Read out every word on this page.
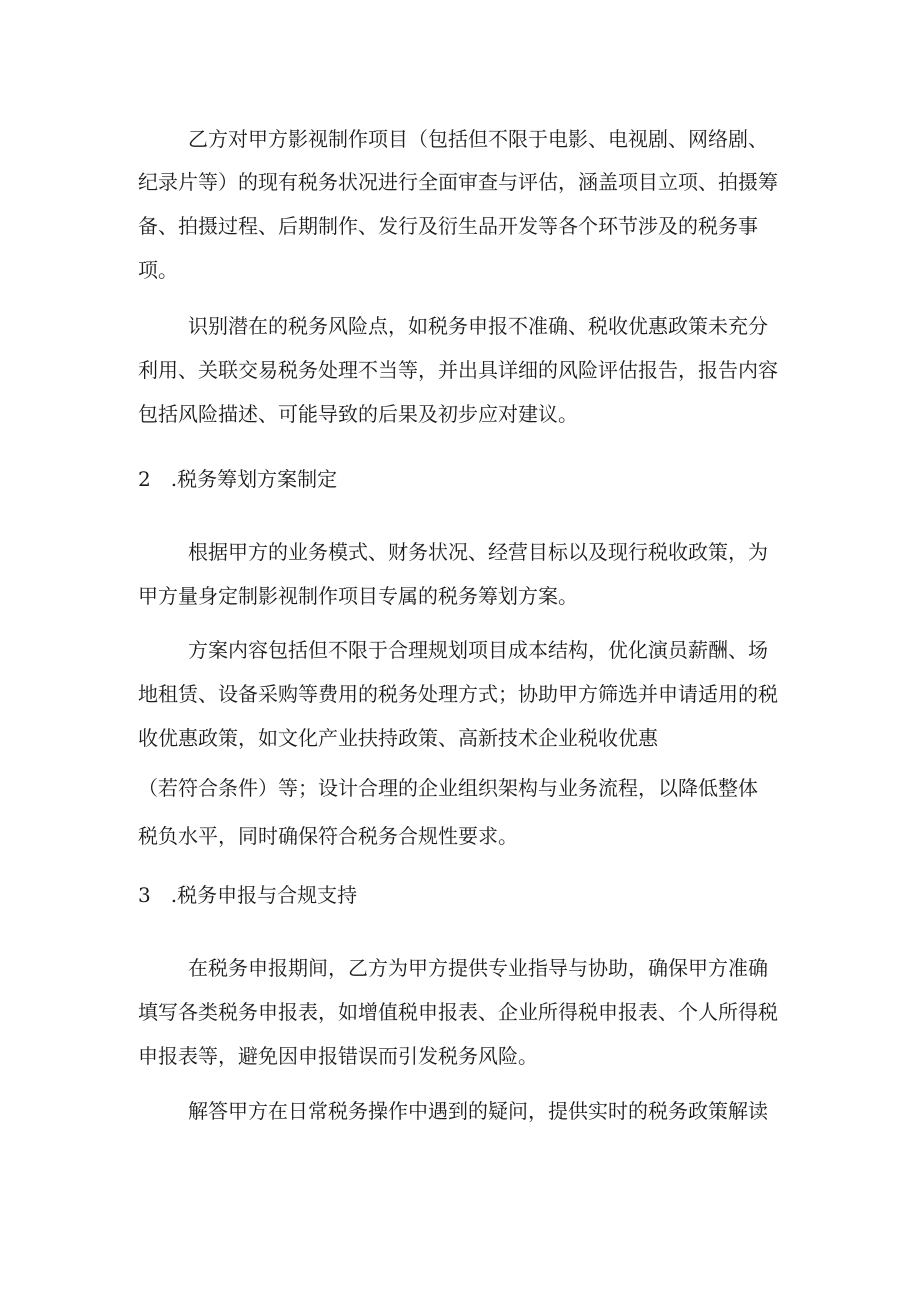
乙方对甲方影视制作项目（包括但不限于电影、电视剧、网络剧、

纪录片等）的现有税务状况进行全面审查与评估，涵盖项目立项、拍摄筹

备、拍摄过程、后期制作、发行及衍生品开发等各个环节涉及的税务事

项。

识别潜在的税务风险点，如税务申报不准确、税收优惠政策未充分

利用、关联交易税务处理不当等，并出具详细的风险评估报告，报告内容

包括风险描述、可能导致的后果及初步应对建议。

2　.税务筹划方案制定

根据甲方的业务模式、财务状况、经营目标以及现行税收政策，为

甲方量身定制影视制作项目专属的税务筹划方案。

方案内容包括但不限于合理规划项目成本结构，优化演员薪酬、场

地租赁、设备采购等费用的税务处理方式；协助甲方筛选并申请适用的税

收优惠政策，如文化产业扶持政策、高新技术企业税收优惠

（若符合条件）等；设计合理的企业组织架构与业务流程，以降低整体

税负水平，同时确保符合税务合规性要求。

3　.税务申报与合规支持

在税务申报期间，乙方为甲方提供专业指导与协助，确保甲方准确

填写各类税务申报表，如增值税申报表、企业所得税申报表、个人所得税

申报表等，避免因申报错误而引发税务风险。

解答甲方在日常税务操作中遇到的疑问，提供实时的税务政策解读
